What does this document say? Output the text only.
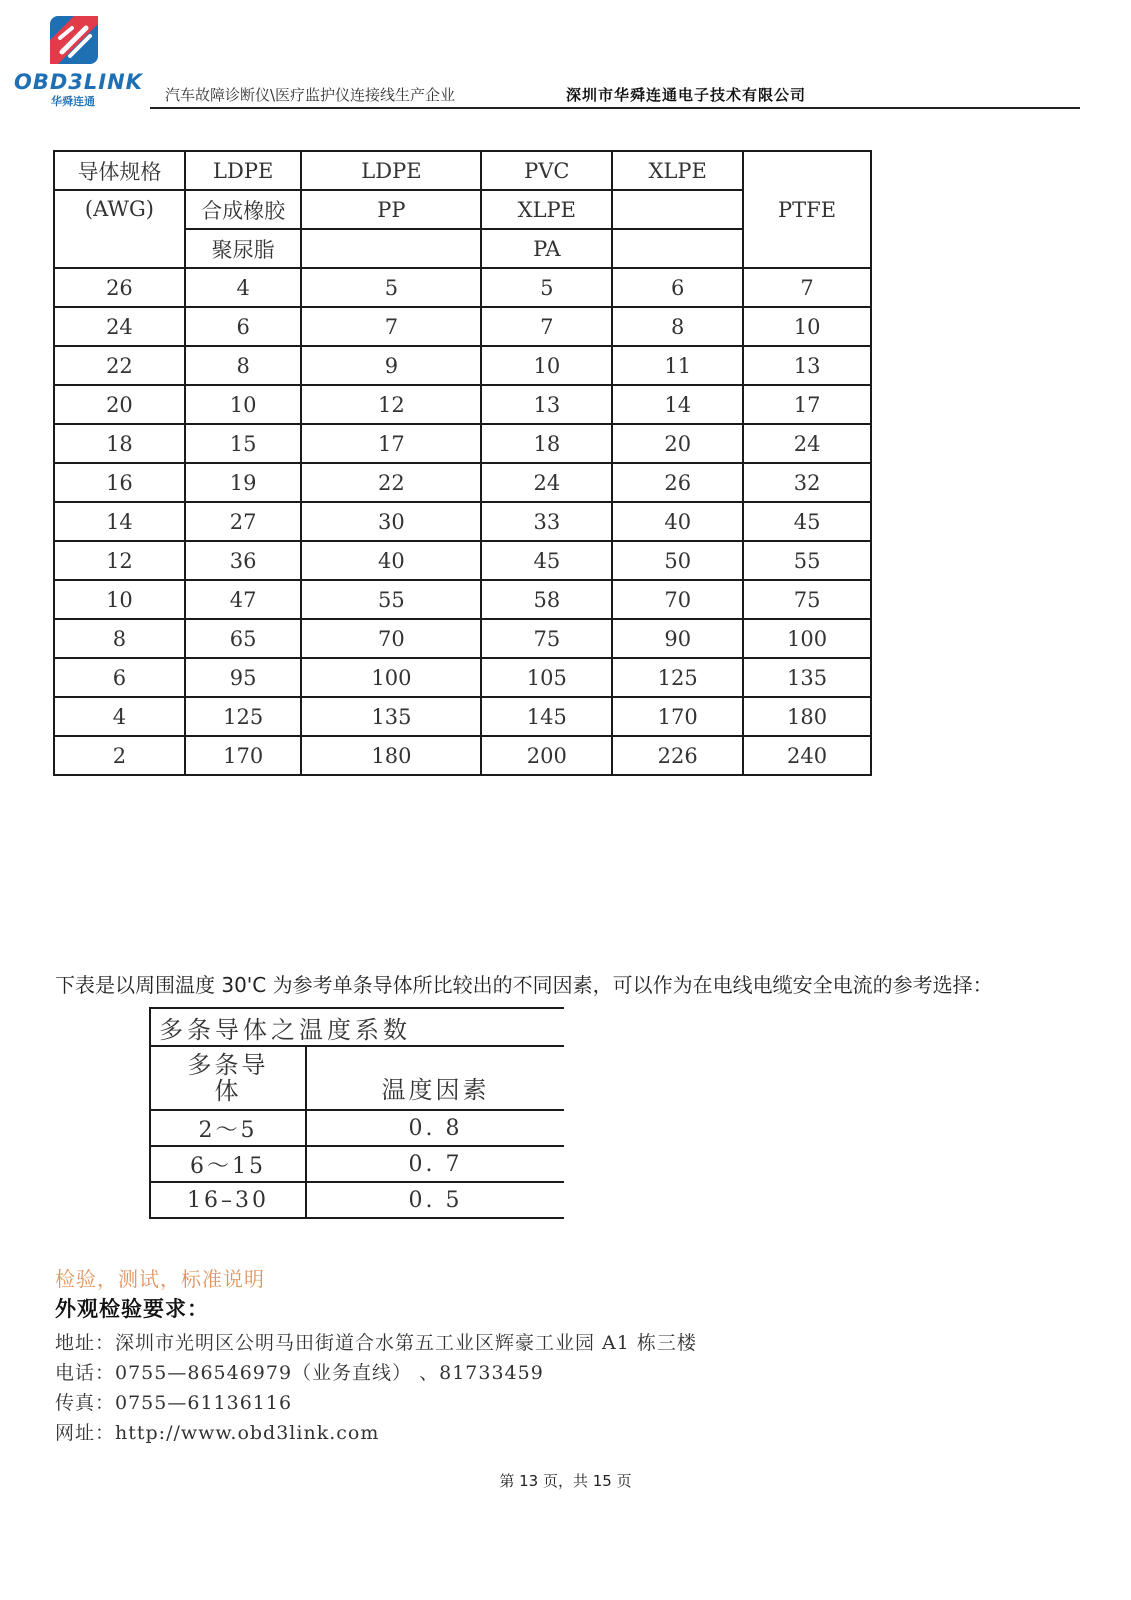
OBD3LINK
华舜连通	汽车故障诊断仪\医疗监护仪连接线生产企业	深圳市华舜连通电子技术有限公司
导体规格	LDPE	LDPE	PVC	XLPE	PTFE
(AWG)	合成橡胶	PP	XLPE		
	聚尿脂		PA		
26	4	5	5	6	7
24	6	7	7	8	10
22	8	9	10	11	13
20	10	12	13	14	17
18	15	17	18	20	24
16	19	22	24	26	32
14	27	30	33	40	45
12	36	40	45	50	55
10	47	55	58	70	75
8	65	70	75	90	100
6	95	100	105	125	135
4	125	135	145	170	180
2	170	180	200	226	240
下表是以周围温度 30'C 为参考单条导体所比较出的不同因素，可以作为在电线电缆安全电流的参考选择：
多条导体之温度系数	

多条导
体	温度因素
2～5	0. 8
6～15	0. 7
16–30	0. 5
检验，测试，标准说明
外观检验要求：
地址：深圳市光明区公明马田街道合水第五工业区辉豪工业园 A1 栋三楼
电话：0755—86546979（业务直线） 、81733459
传真：0755—61136116
网址：http://www.obd3link.com
第 13 页，共 15 页
